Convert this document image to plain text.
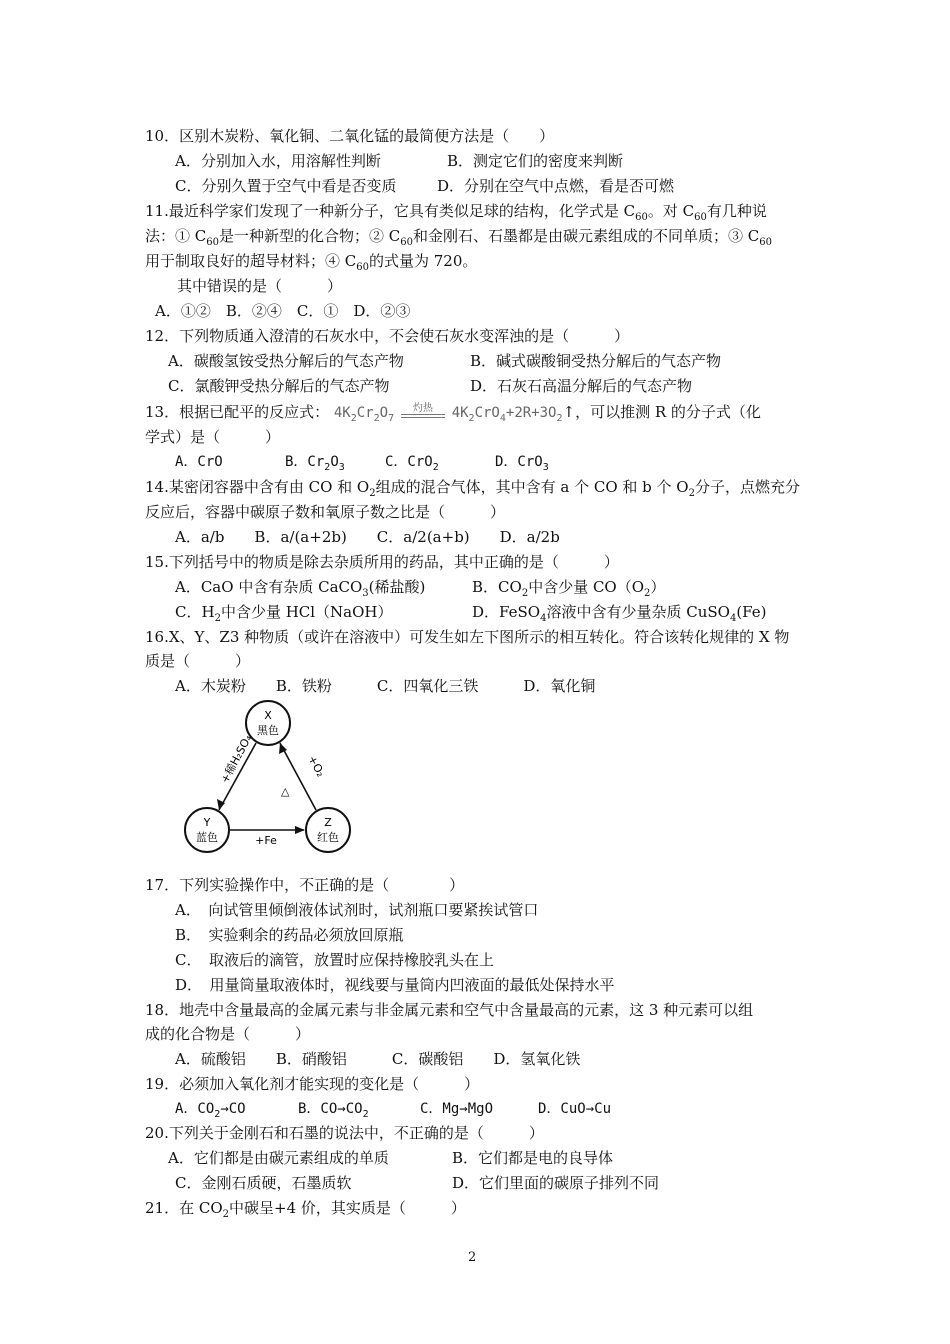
10．区别木炭粉、氧化铜、二氧化锰的最简便方法是（　　）
A．分别加入水，用溶解性判断	B．测定它们的密度来判断
C．分别久置于空气中看是否变质	D．分别在空气中点燃，看是否可燃
11.最近科学家们发现了一种新分子，它具有类似足球的结构，化学式是 $C_{60}$。对 $C_{60}$有几种说
法：① $C_{60}$是一种新型的化合物；② $C_{60}$和金刚石、石墨都是由碳元素组成的不同单质；③ $C_{60}$
用于制取良好的超导材料；④ $C_{60}$的式量为 720。
其中错误的是（　　　）
A．①②　B．②④　C．①　D．②③
12．下列物质通入澄清的石灰水中，不会使石灰水变浑浊的是（　　　）
A．碳酸氢铵受热分解后的气态产物	B．碱式碳酸铜受热分解后的气态产物
C．氯酸钾受热分解后的气态产物	D．石灰石高温分解后的气态产物
13．根据已配平的反应式： $4K_2Cr_2O_7$
灼热	$4K_2CrO_4+2R+3O_2↑$，可以推测 R 的分子式（化
学式）是（　　　）
A．CrO	B．$Cr_2O_3$	C．CrO$_2$	D．CrO$_3$
14.某密闭容器中含有由 CO 和 $O_2$组成的混合气体，其中含有 a 个 CO 和 b 个 $O_2$分子，点燃充分
反应后，容器中碳原子数和氧原子数之比是（　　　）
A．a/b　　B．a/(a+2b)　　C．a/2(a+b)　　D．a/2b
15.下列括号中的物质是除去杂质所用的药品，其中正确的是（　　　）
A．CaO 中含有杂质 CaCO$_3$(稀盐酸)	B．$CO_2$中含少量 $CO(O_2)$
C．$H_2$中含少量 HCl（NaOH）	D．FeSO$_4$溶液中含有少量杂质 CuSO$_4$(Fe)
16.X、Y、Z3 种物质（或许在溶液中）可发生如左下图所示的相互转化。符合该转化规律的 X 物
质是（　　　）
A．木炭粉　　B．铁粉　　　C．四氧化三铁　　　D．氧化铜
X
黑色
Y
蓝色
Z
红色
+稀H₂SO₄	+O₂
△
+Fe
17．下列实验操作中，不正确的是（　　　　）
A．　向试管里倾倒液体试剂时，试剂瓶口要紧挨试管口
B．　实验剩余的药品必须放回原瓶
C．　取液后的滴管，放置时应保持橡胶乳头在上
D．　用量筒量取液体时，视线要与量筒内凹液面的最低处保持水平
18．地壳中含量最高的金属元素与非金属元素和空气中含量最高的元素，这 3 种元素可以组
成的化合物是（　　　）
A．硫酸铝　　B．硝酸铝　　　C．碳酸铝　　D．氢氧化铁
19．必须加入氧化剂才能实现的变化是（　　　）
A．$CO_2\to CO$	B．$CO\to CO_2$	C．Mg→MgO	D．CuO→Cu
20.下列关于金刚石和石墨的说法中，不正确的是（　　　）
A．它们都是由碳元素组成的单质	B．它们都是电的良导体
C．金刚石质硬，石墨质软	D．它们里面的碳原子排列不同
21．在 $CO_2$中碳呈+4 价，其实质是（　　　）
2
